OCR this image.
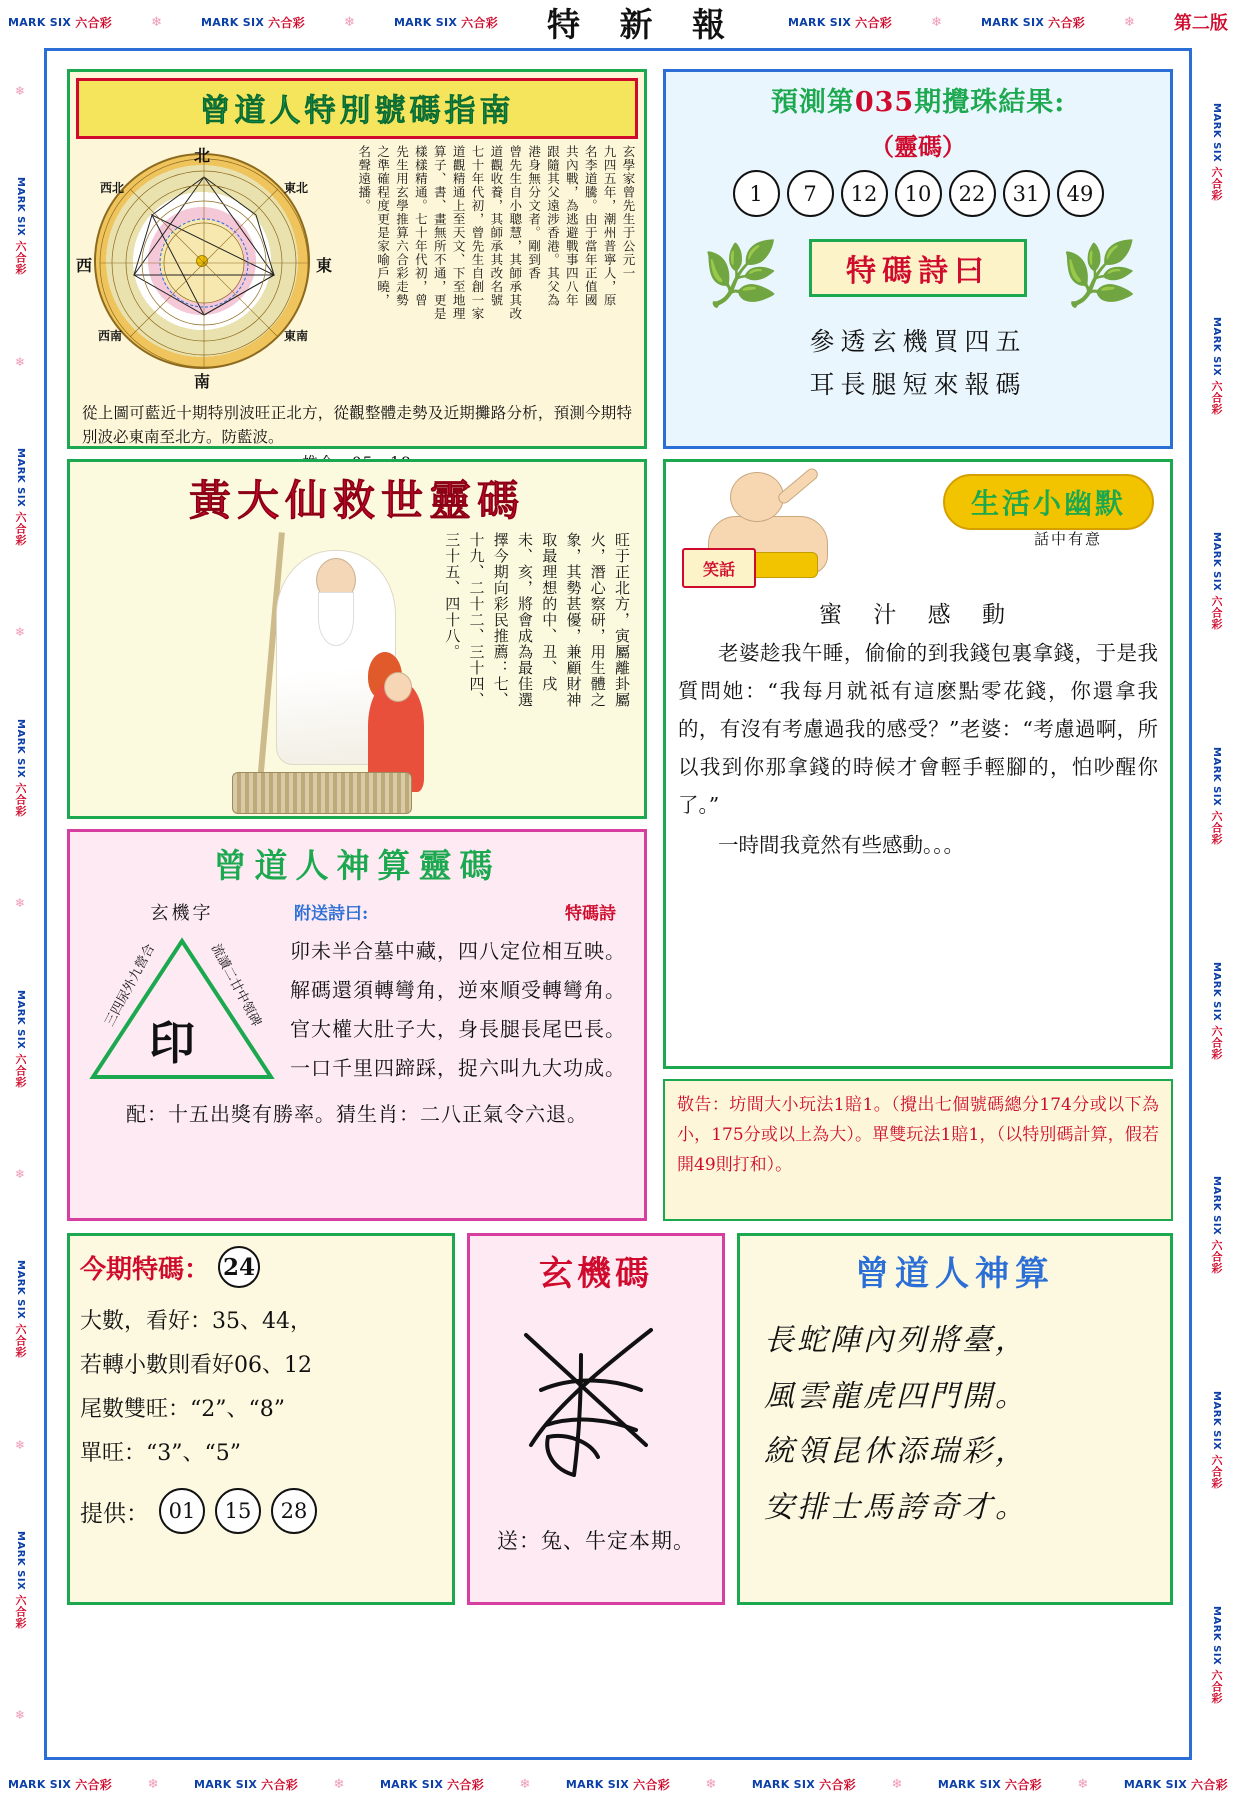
MARK SIX 六合彩	❄	MARK SIX 六合彩	❄	MARK SIX 六合彩	特 新 報	MARK SIX 六合彩	❄	MARK SIX 六合彩	❄ 第二版
MARK SIX 六合彩	❄	MARK SIX 六合彩	❄	MARK SIX 六合彩	❄	MARK SIX 六合彩	❄	MARK SIX 六合彩	❄	MARK SIX 六合彩	❄	MARK SIX 六合彩
❄
MARK SIX 六合彩
❄
MARK SIX 六合彩
❄
MARK SIX 六合彩
❄
MARK SIX 六合彩
❄
MARK SIX 六合彩
❄
MARK SIX 六合彩
❄
MARK SIX 六合彩
MARK SIX 六合彩
MARK SIX 六合彩
MARK SIX 六合彩
MARK SIX 六合彩
MARK SIX 六合彩
MARK SIX 六合彩
MARK SIX 六合彩
曾道人特別號碼指南
北
南
東
西
東北
西北
東南
西南
玄學家曾先生于公元一
九四五年，潮州普寧人，原
名李道騰。由于當年正值國
共內戰，為逃避戰事四八年
跟隨其父遠涉香港。其父為
港身無分文者。剛到香
曾先生自小聰慧，其師承其改
道觀收養，其師承其改名號
七十年代初，曾先生自創一家
道觀精通上至天文、下至地理
算子、書、畫無所不通，更是
樣樣精通。七十年代初，曾
先生用玄學推算六合彩走勢
之準確程度更是家喻戶曉，
名聲遠播。
從上圖可藍近十期特別波旺正北方，從觀整體走勢及近期攤路分析，預測今期特別波必東南至北方。防藍波。
預測第035期攪珠結果:
（靈碼）
1	7	12	10	22	31	49
🌿	🌿
特碼詩曰
參透玄機買四五
耳長腿短來報碼
黃大仙救世靈碼
旺于正北方，寅屬離卦屬
火，潛心察研，用生體之
象，其勢甚優，兼顧財神
取最理想的中、丑、戌
未、亥，將會成為最佳選
擇今期向彩民推薦：七、
十九、二十二、三十四、
三十五、四十八。	笑話
生活小幽默
話中有意
蜜 汁 感 動

老婆趁我午睡，偷偷的到我錢包裏拿錢，于是我質問她：“我每月就祗有這麽點零花錢，你還拿我的，有沒有考慮過我的感受？”老婆：“考慮過啊，所以我到你那拿錢的時候才會輕手輕腳的，怕吵醒你了。”

一時間我竟然有些感動。。。

曾道人神算靈碼
玄機字
印
流讀二廿中領碑
三四尿外九營合
附送詩曰:	特碼詩
卯未半合墓中藏，四八定位相互映。
解碼還須轉彎角，逆來順受轉彎角。
官大權大肚子大，身長腿長尾巴長。
一口千里四蹄踩，捉六叫九大功成。
配：十五出獎有勝率。猜生肖：二八正氣令六退。	敬告：坊間大小玩法1賠1。（攪出七個號碼總分174分或以下為小，175分或以上為大）。單雙玩法1賠1，（以特別碼計算，假若開49則打和）。
今期特碼： 24
大數，看好：35、44，
若轉小數則看好06、12
尾數雙旺：“2”、“8”
單旺：“3”、“5”
提供： 01	15	28
玄機碼
送：兔、牛定本期。
曾道人神算
長蛇陣內列將臺，
風雲龍虎四門開。
統領昆休添瑞彩，
安排士馬誇奇才。
